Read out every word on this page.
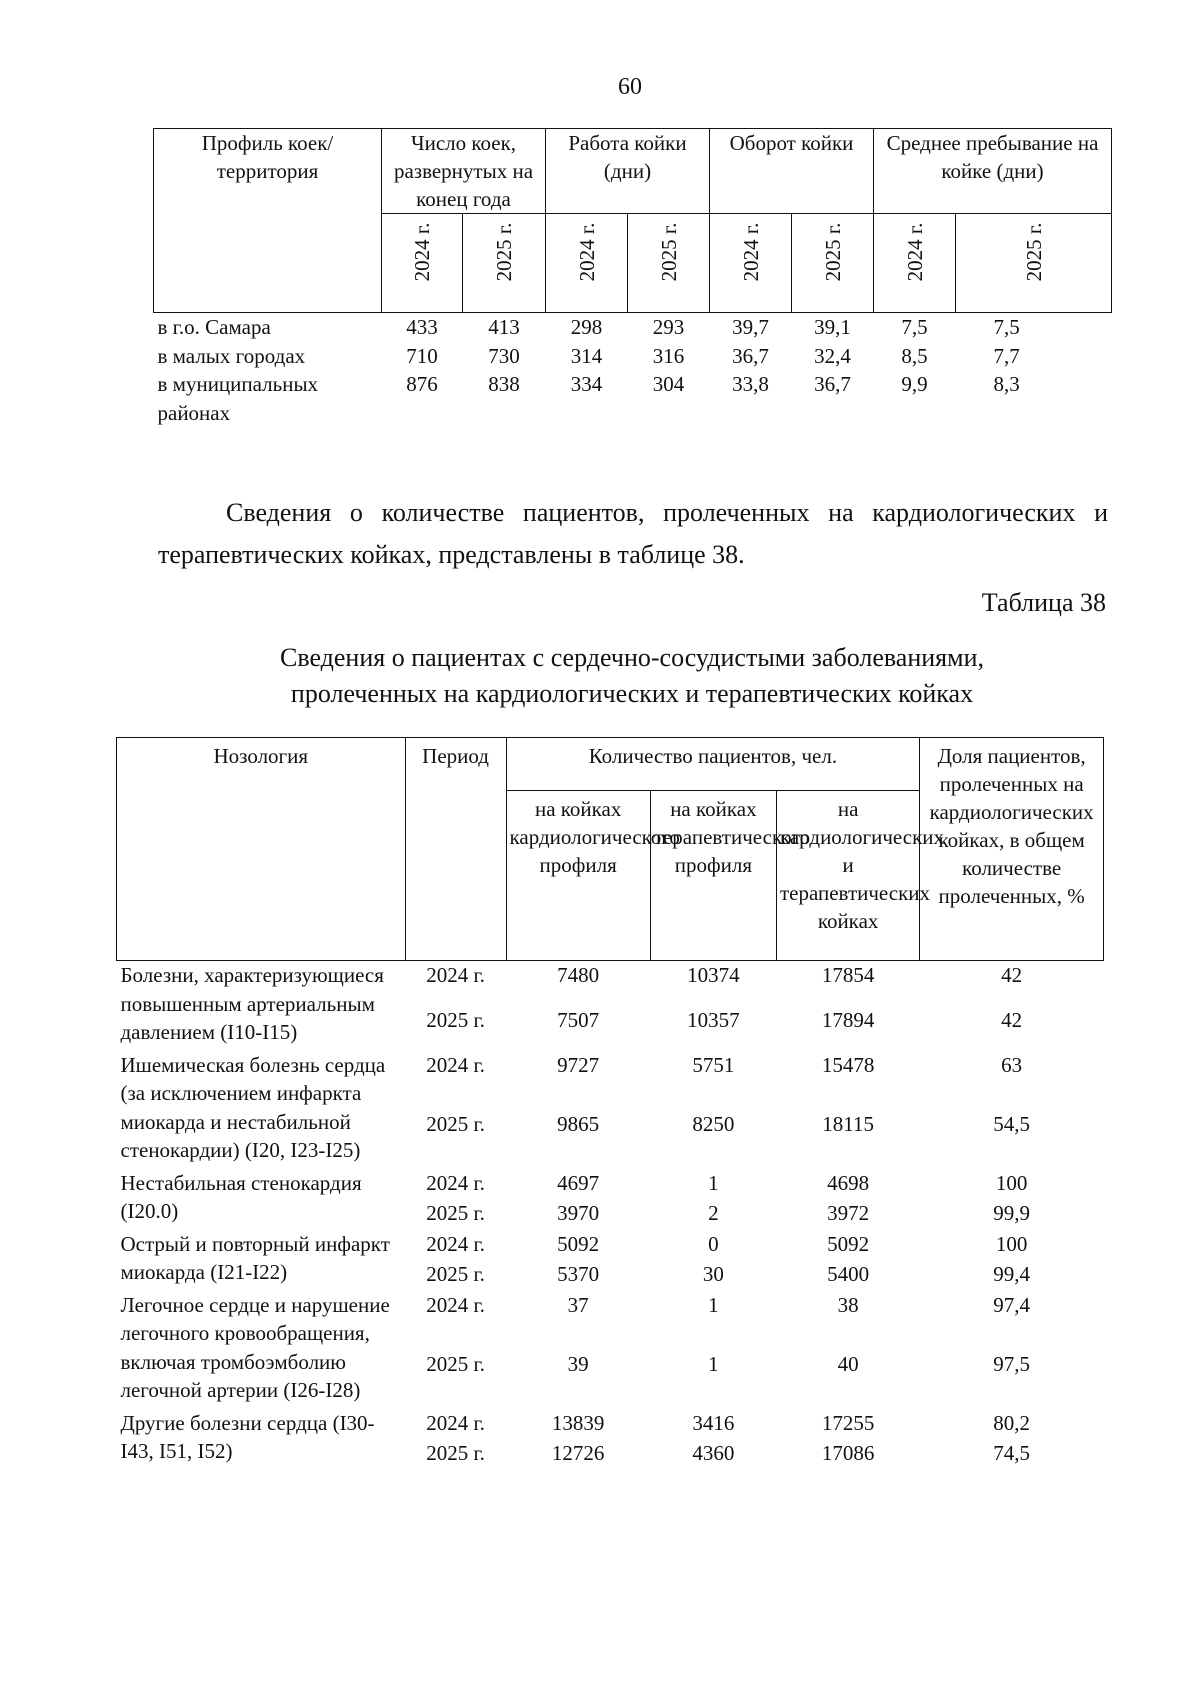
60
Профиль коек/ территория	Число коек, развернутых на конец года		Работа койки (дни)		Оборот койки		Среднее пребывание на койке (дни)	

	2024 г.	2025 г.	2024 г.	2025 г.	2024 г.	2025 г.	2024 г.	2025 г.

в г.о. Самара	433	413	298	293	39,7	39,1	7,5	7,5
в малых городах	710	730	314	316	36,7	32,4	8,5	7,7
в муниципальных районах	876	838	334	304	33,8	36,7	9,9	8,3
Сведения о количестве пациентов, пролеченных на кардиологических и терапевтических койках, представлены в таблице 38.
Таблица 38
Сведения о пациентах с сердечно-сосудистыми заболеваниями,
пролеченных на кардиологических и терапевтических койках
Нозология	Период	Количество пациентов, чел.			Доля пациентов, пролеченных на кардиологических койках, в общем количестве пролеченных, %
		на койках кардиологического профиля	на койках терапевтического профиля	на кардиологических и терапевтических койках	
Болезни, характеризующиеся повышенным артериальным давлением (I10-I15)	2024 г.	7480	10374	17854	42
	2025 г.	7507	10357	17894	42
Ишемическая болезнь сердца (за исключением инфаркта миокарда и нестабильной стенокардии) (I20, I23-I25)	2024 г.	9727	5751	15478	63
	2025 г.	9865	8250	18115	54,5
Нестабильная стенокардия (I20.0)	2024 г.	4697	1	4698	100
	2025 г.	3970	2	3972	99,9
Острый и повторный инфаркт миокарда (I21-I22)	2024 г.	5092	0	5092	100
	2025 г.	5370	30	5400	99,4
Легочное сердце и нарушение легочного кровообращения, включая тромбоэмболию легочной артерии (I26-I28)	2024 г.	37	1	38	97,4
	2025 г.	39	1	40	97,5
Другие болезни сердца (I30-I43, I51, I52)	2024 г.	13839	3416	17255	80,2
	2025 г.	12726	4360	17086	74,5
